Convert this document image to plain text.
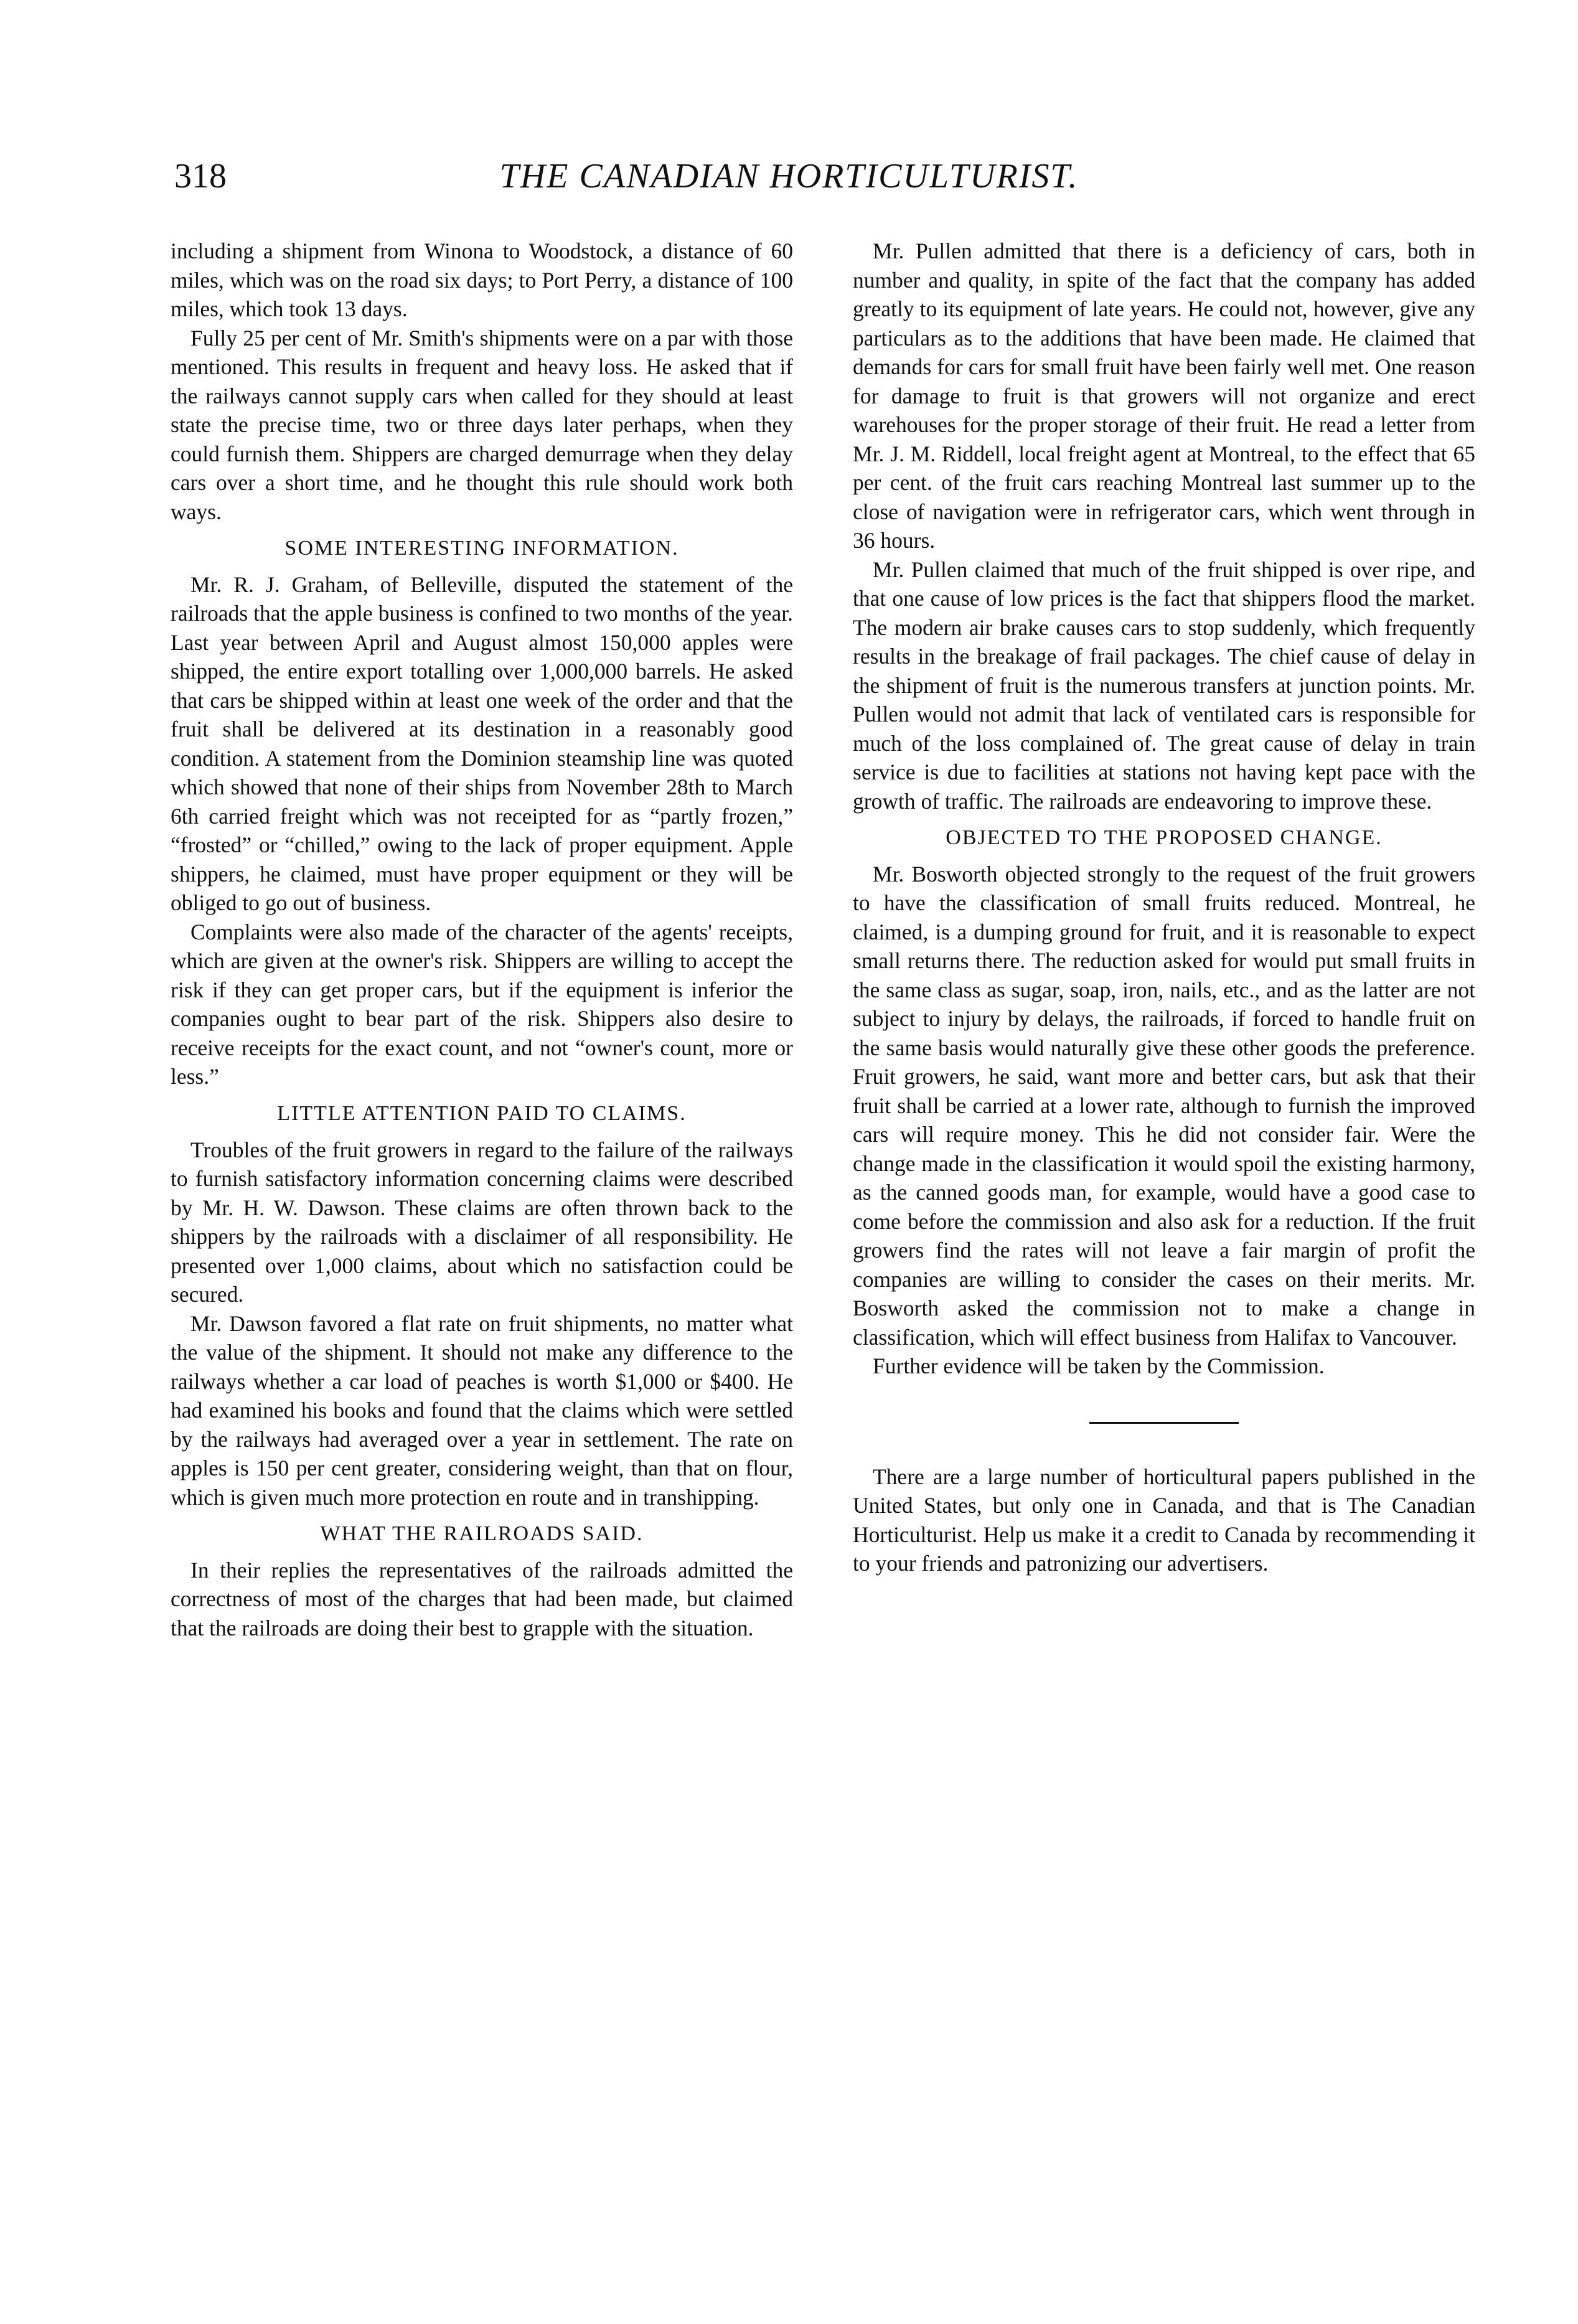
318	THE CANADIAN HORTICULTURIST.

including a shipment from Winona to Woodstock, a distance of 60 miles, which was on the road six days; to Port Perry, a distance of 100 miles, which took 13 days.

Fully 25 per cent of Mr. Smith's shipments were on a par with those mentioned. This results in frequent and heavy loss. He asked that if the railways cannot supply cars when called for they should at least state the precise time, two or three days later perhaps, when they could furnish them. Shippers are charged demurrage when they delay cars over a short time, and he thought this rule should work both ways.

SOME INTERESTING INFORMATION.

Mr. R. J. Graham, of Belleville, disputed the statement of the railroads that the apple business is confined to two months of the year. Last year between April and August almost 150,000 apples were shipped, the entire export totalling over 1,000,000 barrels. He asked that cars be shipped within at least one week of the order and that the fruit shall be delivered at its destination in a reasonably good condition. A statement from the Dominion steamship line was quoted which showed that none of their ships from November 28th to March 6th carried freight which was not receipted for as “partly frozen,” “frosted” or “chilled,” owing to the lack of proper equipment. Apple shippers, he claimed, must have proper equipment or they will be obliged to go out of business.

Complaints were also made of the character of the agents' receipts, which are given at the owner's risk. Shippers are willing to accept the risk if they can get proper cars, but if the equipment is inferior the companies ought to bear part of the risk. Shippers also desire to receive receipts for the exact count, and not “owner's count, more or less.”

LITTLE ATTENTION PAID TO CLAIMS.

Troubles of the fruit growers in regard to the failure of the railways to furnish satisfactory information concerning claims were described by Mr. H. W. Dawson. These claims are often thrown back to the shippers by the railroads with a disclaimer of all responsibility. He presented over 1,000 claims, about which no satisfaction could be secured.

Mr. Dawson favored a flat rate on fruit shipments, no matter what the value of the shipment. It should not make any difference to the railways whether a car load of peaches is worth $1,000 or $400. He had examined his books and found that the claims which were settled by the railways had averaged over a year in settlement. The rate on apples is 150 per cent greater, considering weight, than that on flour, which is given much more protection en route and in transhipping.

WHAT THE RAILROADS SAID.

In their replies the representatives of the railroads admitted the correctness of most of the charges that had been made, but claimed that the railroads are doing their best to grapple with the situation.

Mr. Pullen admitted that there is a deficiency of cars, both in number and quality, in spite of the fact that the company has added greatly to its equipment of late years. He could not, however, give any particulars as to the additions that have been made. He claimed that demands for cars for small fruit have been fairly well met. One reason for damage to fruit is that growers will not organize and erect warehouses for the proper storage of their fruit. He read a letter from Mr. J. M. Riddell, local freight agent at Montreal, to the effect that 65 per cent. of the fruit cars reaching Montreal last summer up to the close of navigation were in refrigerator cars, which went through in 36 hours.

Mr. Pullen claimed that much of the fruit shipped is over ripe, and that one cause of low prices is the fact that shippers flood the market. The modern air brake causes cars to stop suddenly, which frequently results in the breakage of frail packages. The chief cause of delay in the shipment of fruit is the numerous transfers at junction points. Mr. Pullen would not admit that lack of ventilated cars is responsible for much of the loss complained of. The great cause of delay in train service is due to facilities at stations not having kept pace with the growth of traffic. The railroads are endeavoring to improve these.

OBJECTED TO THE PROPOSED CHANGE.

Mr. Bosworth objected strongly to the request of the fruit growers to have the classification of small fruits reduced. Montreal, he claimed, is a dumping ground for fruit, and it is reasonable to expect small returns there. The reduction asked for would put small fruits in the same class as sugar, soap, iron, nails, etc., and as the latter are not subject to injury by delays, the railroads, if forced to handle fruit on the same basis would naturally give these other goods the preference. Fruit growers, he said, want more and better cars, but ask that their fruit shall be carried at a lower rate, although to furnish the improved cars will require money. This he did not consider fair. Were the change made in the classification it would spoil the existing harmony, as the canned goods man, for example, would have a good case to come before the commission and also ask for a reduction. If the fruit growers find the rates will not leave a fair margin of profit the companies are willing to consider the cases on their merits. Mr. Bosworth asked the commission not to make a change in classification, which will effect business from Halifax to Vancouver.

Further evidence will be taken by the Commission.

There are a large number of horticultural papers published in the United States, but only one in Canada, and that is The Canadian Horticulturist. Help us make it a credit to Canada by recommending it to your friends and patronizing our advertisers.
